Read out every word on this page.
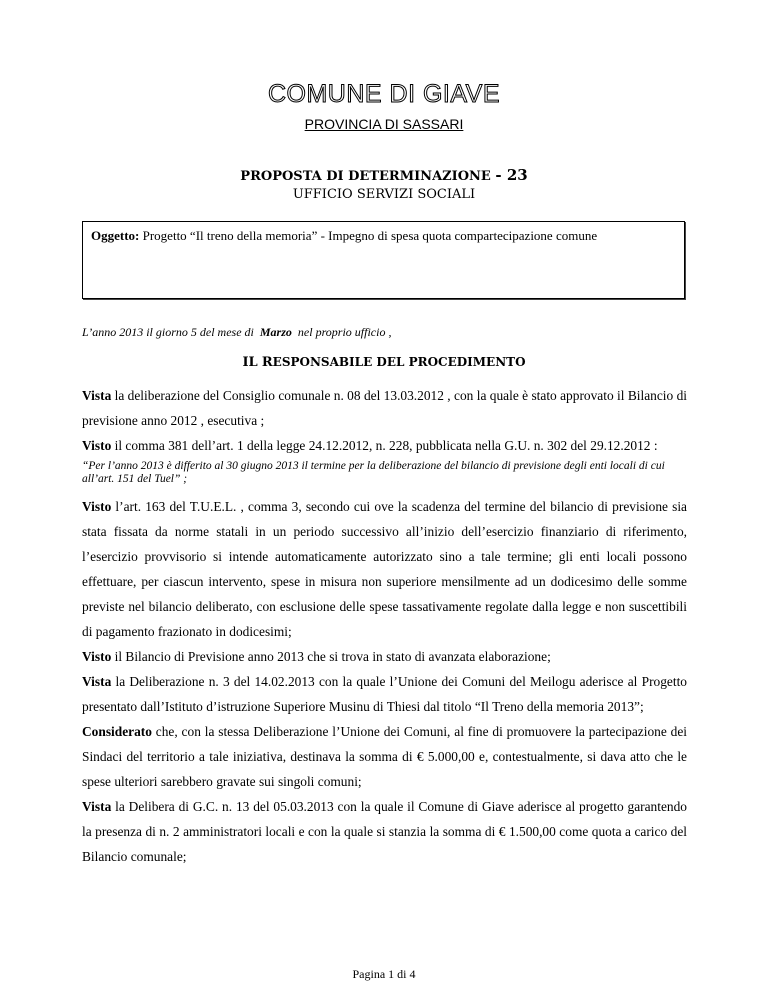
COMUNE DI GIAVE
PROVINCIA DI SASSARI
PROPOSTA DI DETERMINAZIONE - 23
UFFICIO SERVIZI SOCIALI
Oggetto: Progetto “Il treno della memoria” - Impegno di spesa quota compartecipazione comune
L’anno 2013 il giorno 5 del mese di Marzo nel proprio ufficio ,
IL RESPONSABILE DEL PROCEDIMENTO

Vista la deliberazione del Consiglio comunale n. 08 del 13.03.2012 , con la quale è stato approvato il Bilancio di previsione anno 2012 , esecutiva ;

Visto il comma 381 dell’art. 1 della legge 24.12.2012, n. 228, pubblicata nella G.U. n. 302 del 29.12.2012 :

“Per l’anno 2013 è differito al 30 giugno 2013 il termine per la deliberazione del bilancio di previsione degli enti locali di cui all’art. 151 del Tuel” ;

Visto l’art. 163 del T.U.E.L. , comma 3, secondo cui ove la scadenza del termine del bilancio di previsione sia stata fissata da norme statali in un periodo successivo all’inizio dell’esercizio finanziario di riferimento, l’esercizio provvisorio si intende automaticamente autorizzato sino a tale termine; gli enti locali possono effettuare, per ciascun intervento, spese in misura non superiore mensilmente ad un dodicesimo delle somme previste nel bilancio deliberato, con esclusione delle spese tassativamente regolate dalla legge e non suscettibili di pagamento frazionato in dodicesimi;

Visto il Bilancio di Previsione anno 2013 che si trova in stato di avanzata elaborazione;

Vista la Deliberazione n. 3 del 14.02.2013 con la quale l’Unione dei Comuni del Meilogu aderisce al Progetto presentato dall’Istituto d’istruzione Superiore Musinu di Thiesi dal titolo “Il Treno della memoria 2013”;

Considerato che, con la stessa Deliberazione l’Unione dei Comuni, al fine di promuovere la partecipazione dei Sindaci del territorio a tale iniziativa, destinava la somma di € 5.000,00 e, contestualmente, si dava atto che le spese ulteriori sarebbero gravate sui singoli comuni;

Vista la Delibera di G.C. n. 13 del 05.03.2013 con la quale il Comune di Giave aderisce al progetto garantendo la presenza di n. 2 amministratori locali e con la quale si stanzia la somma di € 1.500,00 come quota a carico del Bilancio comunale;

Pagina 1 di 4
